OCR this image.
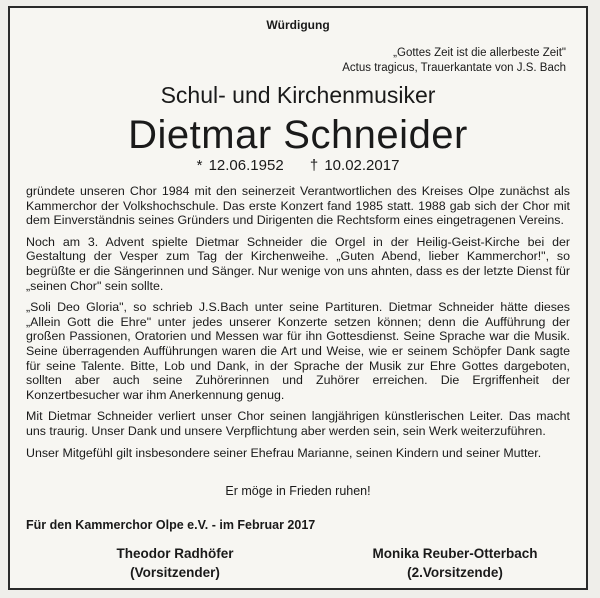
Würdigung
„Gottes Zeit ist die allerbeste Zeit"
Actus tragicus, Trauerkantate von J.S. Bach
Schul- und Kirchenmusiker
Dietmar Schneider
* 12.06.1952 † 10.02.2017

gründete unseren Chor 1984 mit den seinerzeit Verantwortlichen des Kreises Olpe zunächst als Kammerchor der Volkshochschule. Das erste Konzert fand 1985 statt. 1988 gab sich der Chor mit dem Einverständnis seines Gründers und Dirigenten die Rechtsform eines eingetragenen Vereins.

Noch am 3. Advent spielte Dietmar Schneider die Orgel in der Heilig-Geist-Kirche bei der Gestaltung der Vesper zum Tag der Kirchenweihe. „Guten Abend, lieber Kammerchor!", so begrüßte er die Sängerinnen und Sänger. Nur wenige von uns ahnten, dass es der letzte Dienst für „seinen Chor" sein sollte.

„Soli Deo Gloria", so schrieb J.S.Bach unter seine Partituren. Dietmar Schneider hätte dieses „Allein Gott die Ehre" unter jedes unserer Konzerte setzen können; denn die Aufführung der großen Passionen, Oratorien und Messen war für ihn Gottesdienst. Seine Sprache war die Musik. Seine überragenden Aufführungen waren die Art und Weise, wie er seinem Schöpfer Dank sagte für seine Talente. Bitte, Lob und Dank, in der Sprache der Musik zur Ehre Gottes dargeboten, sollten aber auch seine Zuhörerinnen und Zuhörer erreichen. Die Ergriffenheit der Konzertbesucher war ihm Anerkennung genug.

Mit Dietmar Schneider verliert unser Chor seinen langjährigen künstlerischen Leiter. Das macht uns traurig. Unser Dank und unsere Verpflichtung aber werden sein, sein Werk weiterzuführen.

Unser Mitgefühl gilt insbesondere seiner Ehefrau Marianne, seinen Kindern und seiner Mutter.

Er möge in Frieden ruhen!
Für den Kammerchor Olpe e.V. - im Februar 2017
Theodor Radhöfer
(Vorsitzender)
Monika Reuber-Otterbach
(2.Vorsitzende)
